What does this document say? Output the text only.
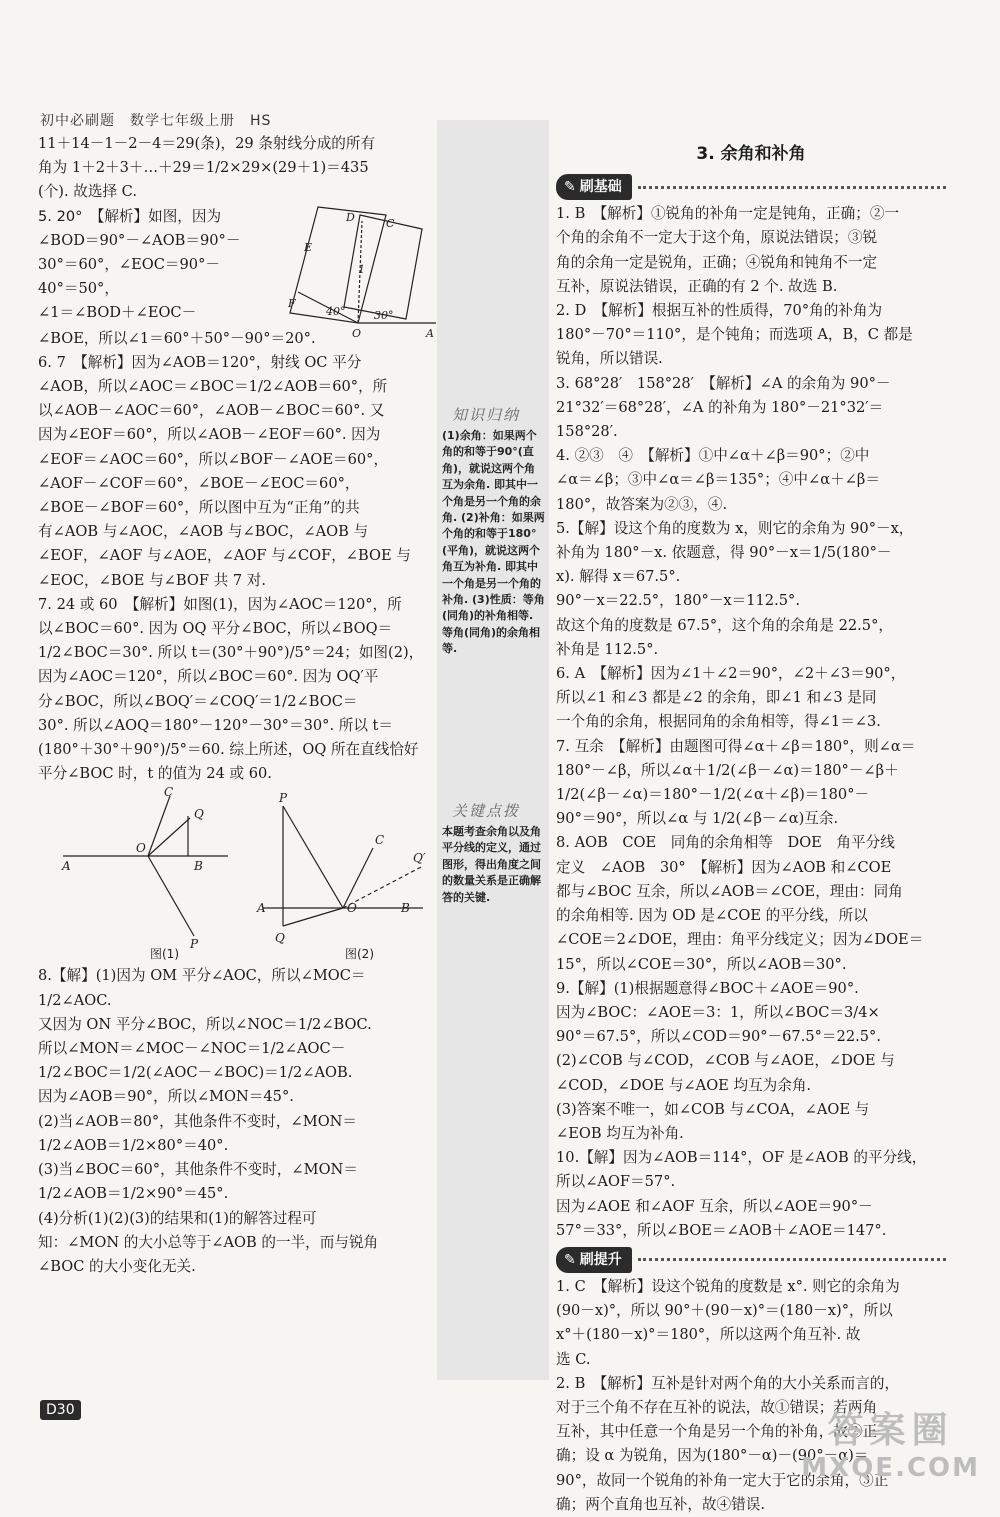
初中必刷题　数学七年级上册　HS

11＋14－1－2－4＝29(条)，29 条射线分成的所有

角为 1＋2＋3＋…＋29＝1/2×29×(29＋1)＝435

(个). 故选择 C.

5. 20°　【解析】如图，因为

∠BOD＝90°－∠AOB＝90°－

30°＝60°，∠EOC＝90°－

40°＝50°，

D
E
F
O	A
C
40°	30°
1

∠1＝∠BOD＋∠EOC－

∠BOE，所以∠1＝60°＋50°－90°＝20°.

6. 7　【解析】因为∠AOB＝120°，射线 OC 平分

∠AOB，所以∠AOC＝∠BOC＝1/2∠AOB＝60°，所

以∠AOB－∠AOC＝60°，∠AOB－∠BOC＝60°. 又

因为∠EOF＝60°，所以∠AOB－∠EOF＝60°. 因为

∠EOF＝∠AOC＝60°，所以∠BOF－∠AOE＝60°，

∠AOF－∠COF＝60°，∠BOE－∠EOC＝60°，

∠BOE－∠BOF＝60°，所以图中互为“正角”的共

有∠AOB 与∠AOC，∠AOB 与∠BOC，∠AOB 与

∠EOF，∠AOF 与∠AOE，∠AOF 与∠COF，∠BOE 与

∠EOC，∠BOE 与∠BOF 共 7 对.

7. 24 或 60　【解析】如图(1)，因为∠AOC＝120°，所

以∠BOC＝60°. 因为 OQ 平分∠BOC，所以∠BOQ＝

1/2∠BOC＝30°. 所以 t＝(30°＋90°)/5°＝24；如图(2)，

因为∠AOC＝120°，所以∠BOC＝60°. 因为 OQ′平

分∠BOC，所以∠BOQ′＝∠COQ′＝1/2∠BOC＝

30°. 所以∠AOQ＝180°－120°－30°＝30°. 所以 t＝

(180°＋30°＋90°)/5°＝60. 综上所述，OQ 所在直线恰好

平分∠BOC 时，t 的值为 24 或 60.

A	B
C
Q
O
P
图(1)
A	B
C
P
O
Q
Q′
图(2)

8.【解】(1)因为 OM 平分∠AOC，所以∠MOC＝

1/2∠AOC.

又因为 ON 平分∠BOC，所以∠NOC＝1/2∠BOC.

所以∠MON＝∠MOC－∠NOC＝1/2∠AOC－

1/2∠BOC＝1/2(∠AOC－∠BOC)＝1/2∠AOB.

因为∠AOB＝90°，所以∠MON＝45°.

(2)当∠AOB＝80°，其他条件不变时，∠MON＝

1/2∠AOB＝1/2×80°＝40°.

(3)当∠BOC＝60°，其他条件不变时，∠MON＝

1/2∠AOB＝1/2×90°＝45°.

(4)分析(1)(2)(3)的结果和(1)的解答过程可

知：∠MON 的大小总等于∠AOB 的一半，而与锐角

∠BOC 的大小变化无关.

知识归纳
(1)余角：如果两个角的和等于90°(直角)，就说这两个角互为余角. 即其中一个角是另一个角的余角. (2)补角：如果两个角的和等于180°(平角)，就说这两个角互为补角. 即其中一个角是另一个角的补角. (3)性质：等角(同角)的补角相等. 等角(同角)的余角相等.
关键点拨
本题考查余角以及角平分线的定义，通过图形，得出角度之间的数量关系是正确解答的关键.

3. 余角和补角

✎ 刷基础

1. B　【解析】①锐角的补角一定是钝角，正确；②一

个角的余角不一定大于这个角，原说法错误；③锐

角的余角一定是锐角，正确；④锐角和钝角不一定

互补，原说法错误，正确的有 2 个. 故选 B.

2. D　【解析】根据互补的性质得，70°角的补角为

180°－70°＝110°，是个钝角；而选项 A，B，C 都是

锐角，所以错误.

3. 68°28′　158°28′　【解析】∠A 的余角为 90°－

21°32′＝68°28′，∠A 的补角为 180°－21°32′＝

158°28′.

4. ②③　④　【解析】①中∠α＋∠β＝90°；②中

∠α＝∠β；③中∠α＝∠β＝135°；④中∠α＋∠β＝

180°，故答案为②③，④.

5.【解】设这个角的度数为 x，则它的余角为 90°－x，

补角为 180°－x. 依题意，得 90°－x＝1/5(180°－

x). 解得 x＝67.5°.

90°－x＝22.5°，180°－x＝112.5°.

故这个角的度数是 67.5°，这个角的余角是 22.5°，

补角是 112.5°.

6. A　【解析】因为∠1＋∠2＝90°，∠2＋∠3＝90°，

所以∠1 和∠3 都是∠2 的余角，即∠1 和∠3 是同

一个角的余角，根据同角的余角相等，得∠1＝∠3.

7. 互余　【解析】由题图可得∠α＋∠β＝180°，则∠α＝

180°－∠β，所以∠α＋1/2(∠β－∠α)＝180°－∠β＋

1/2(∠β－∠α)＝180°－1/2(∠α＋∠β)＝180°－

90°＝90°，所以∠α 与 1/2(∠β－∠α)互余.

8. AOB　COE　同角的余角相等　DOE　角平分线

定义　∠AOB　30°　【解析】因为∠AOB 和∠COE

都与∠BOC 互余，所以∠AOB＝∠COE，理由：同角

的余角相等. 因为 OD 是∠COE 的平分线，所以

∠COE＝2∠DOE，理由：角平分线定义；因为∠DOE＝

15°，所以∠COE＝30°，所以∠AOB＝30°.

9.【解】(1)根据题意得∠BOC＋∠AOE＝90°.

因为∠BOC：∠AOE＝3：1，所以∠BOC＝3/4×

90°＝67.5°，所以∠COD＝90°－67.5°＝22.5°.

(2)∠COB 与∠COD，∠COB 与∠AOE，∠DOE 与

∠COD，∠DOE 与∠AOE 均互为余角.

(3)答案不唯一，如∠COB 与∠COA，∠AOE 与

∠EOB 均互为补角.

10.【解】因为∠AOB＝114°，OF 是∠AOB 的平分线，

所以∠AOF＝57°.

因为∠AOE 和∠AOF 互余，所以∠AOE＝90°－

57°＝33°，所以∠BOE＝∠AOB＋∠AOE＝147°.

✎ 刷提升

1. C　【解析】设这个锐角的度数是 x°. 则它的余角为

(90－x)°，所以 90°＋(90－x)°＝(180－x)°，所以

x°＋(180－x)°＝180°，所以这两个角互补. 故

选 C.

2. B　【解析】互补是针对两个角的大小关系而言的，

对于三个角不存在互补的说法，故①错误；若两角

互补，其中任意一个角是另一个角的补角，故②正

确；设 α 为锐角，因为(180°－α)－(90°－α)＝

90°，故同一个锐角的补角一定大于它的余角，③正

确；两个直角也互补，故④错误.

D30	答案圈
MXQE.COM
